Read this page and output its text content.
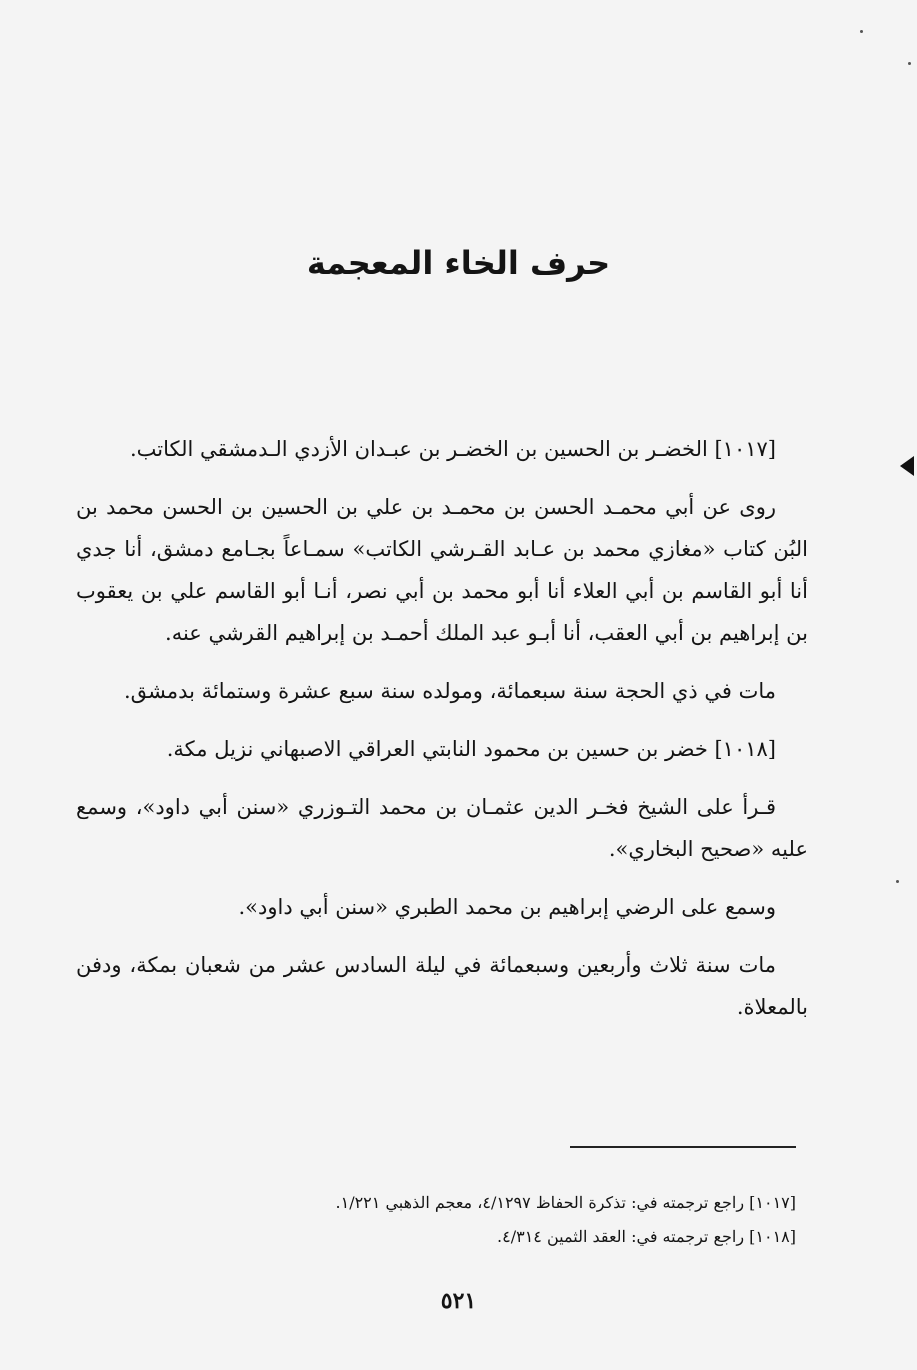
حرف الخاء المعجمة

[١٠١٧] الخضـر بن الحسين بن الخضـر بن عبـدان الأزدي الـدمشقي الكاتب.

روى عن أبي محمـد الحسن بن محمـد بن علي بن الحسين بن الحسن محمد بن البُن كتاب «مغازي محمد بن عـابد القـرشي الكاتب» سمـاعاً بجـامع دمشق، أنا جدي أنا أبو القاسم بن أبي العلاء أنا أبو محمد بن أبي نصر، أنـا أبو القاسم علي بن يعقوب بن إبراهيم بن أبي العقب، أنا أبـو عبد الملك أحمـد بن إبراهيم القرشي عنه.

مات في ذي الحجة سنة سبعمائة، ومولده سنة سبع عشرة وستمائة بدمشق.

[١٠١٨] خضر بن حسين بن محمود النابتي العراقي الاصبهاني نزيل مكة.

قـرأ على الشيخ فخـر الدين عثمـان بن محمد التـوزري «سنن أبي داود»، وسمع عليه «صحيح البخاري».

وسمع على الرضي إبراهيم بن محمد الطبري «سنن أبي داود».

مات سنة ثلاث وأربعين وسبعمائة في ليلة السادس عشر من شعبان بمكة، ودفن بالمعلاة.

[١٠١٧] راجع ترجمته في: تذكرة الحفاظ ٤/١٢٩٧، معجم الذهبي ١/٢٢١.
[١٠١٨] راجع ترجمته في: العقد الثمين ٤/٣١٤.
٥٢١
